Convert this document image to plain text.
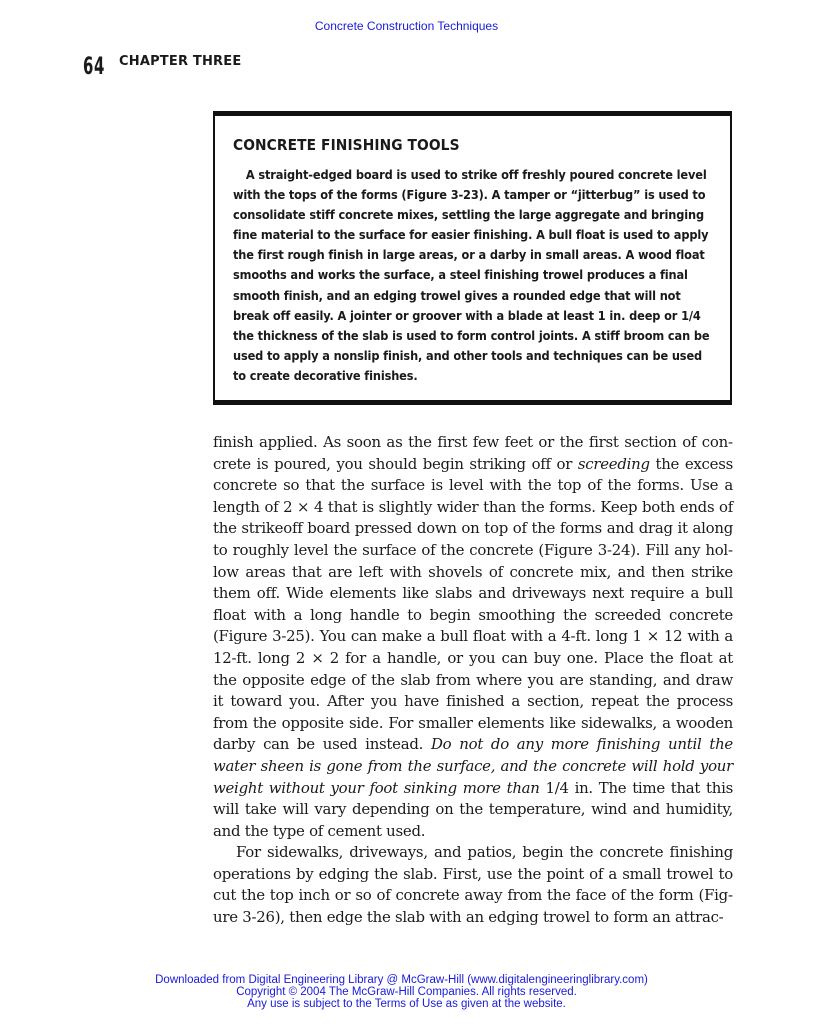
Concrete Construction Techniques
64 CHAPTER THREE
CONCRETE FINISHING TOOLS

A straight-edged board is used to strike off freshly poured concrete level with the tops of the forms (Figure 3-23). A tamper or “jitterbug” is used to consolidate stiff concrete mixes, settling the large aggregate and bringing fine material to the surface for easier finishing. A bull float is used to apply the first rough finish in large areas, or a darby in small areas. A wood float smooths and works the surface, a steel finishing trowel produces a final smooth finish, and an edging trowel gives a rounded edge that will not break off easily. A jointer or groover with a blade at least 1 in. deep or 1/4 the thickness of the slab is used to form control joints. A stiff broom can be used to apply a nonslip finish, and other tools and techniques can be used to create decorative finishes.

finish applied. As soon as the first few feet or the first section of concrete is poured, you should begin striking off or screeding the excess concrete so that the surface is level with the top of the forms. Use a length of 2 × 4 that is slightly wider than the forms. Keep both ends of the strikeoff board pressed down on top of the forms and drag it along to roughly level the surface of the concrete (Figure 3-24). Fill any hollow areas that are left with shovels of concrete mix, and then strike them off. Wide elements like slabs and driveways next require a bull float with a long handle to begin smoothing the screeded concrete (Figure 3-25). You can make a bull float with a 4-ft. long 1 × 12 with a 12-ft. long 2 × 2 for a handle, or you can buy one. Place the float at the opposite edge of the slab from where you are standing, and draw it toward you. After you have finished a section, repeat the process from the opposite side. For smaller elements like sidewalks, a wooden darby can be used instead. Do not do any more finishing until the water sheen is gone from the surface, and the concrete will hold your weight without your foot sinking more than 1/4 in. The time that this will take will vary depending on the temperature, wind and humidity, and the type of cement used.

For sidewalks, driveways, and patios, begin the concrete finishing operations by edging the slab. First, use the point of a small trowel to cut the top inch or so of concrete away from the face of the form (Figure 3-26), then edge the slab with an edging trowel to form an attrac-

Downloaded from Digital Engineering Library @ McGraw-Hill (www.digitalengineeringlibrary.com)
Copyright © 2004 The McGraw-Hill Companies. All rights reserved.
Any use is subject to the Terms of Use as given at the website.
